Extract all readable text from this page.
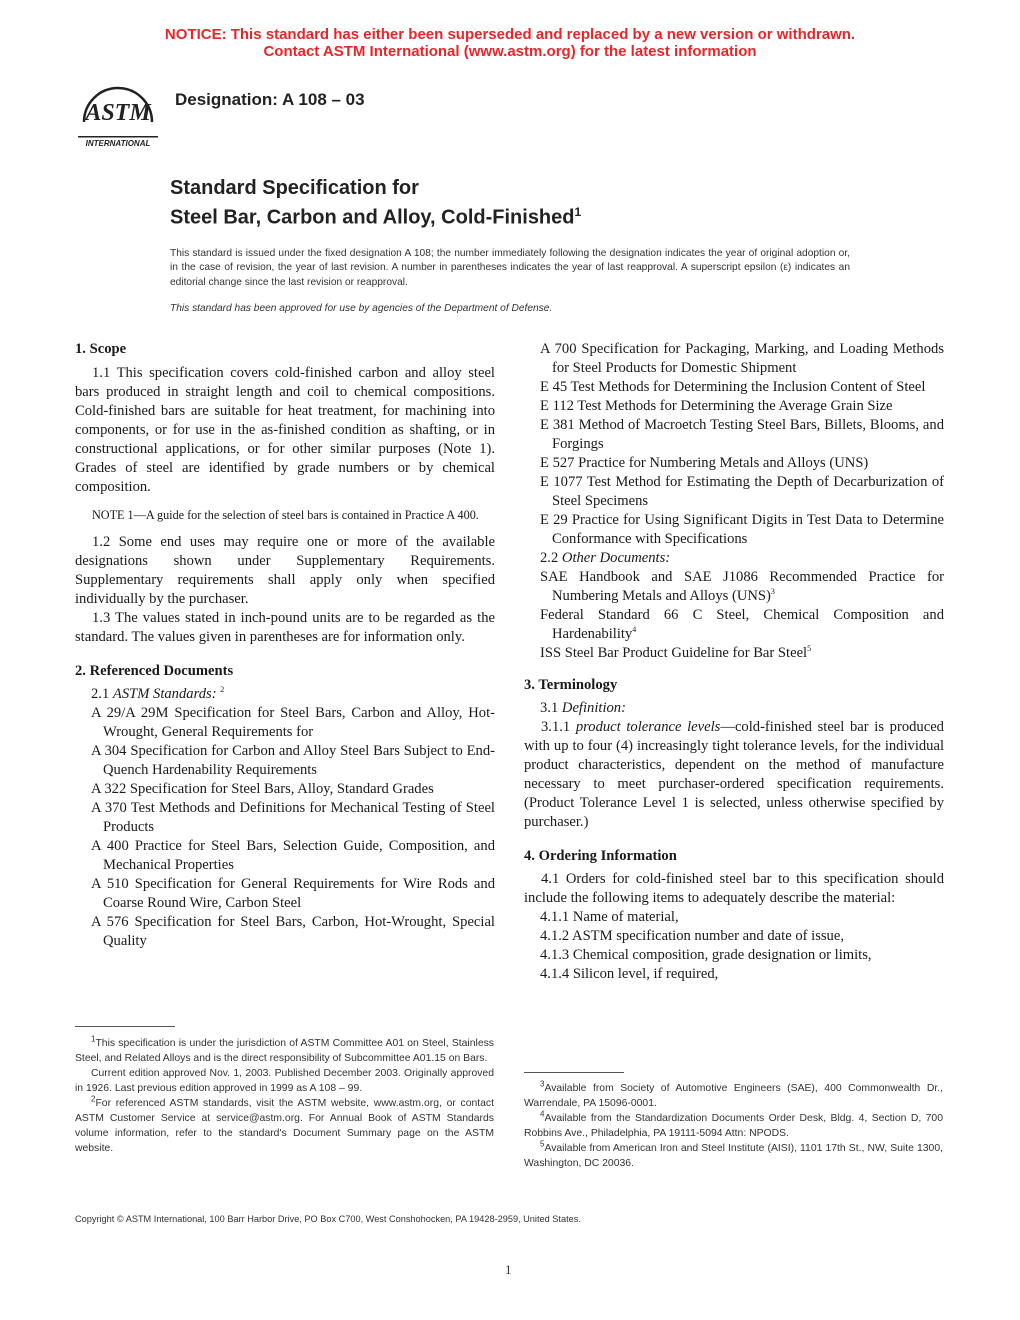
NOTICE: This standard has either been superseded and replaced by a new version or withdrawn.
Contact ASTM International (www.astm.org) for the latest information
ASTM
INTERNATIONAL
Designation: A 108 – 03
Standard Specification for
Steel Bar, Carbon and Alloy, Cold-Finished$^1$
This standard is issued under the fixed designation A 108; the number immediately following the designation indicates the year of original adoption or, in the case of revision, the year of last revision. A number in parentheses indicates the year of last reapproval. A superscript epsilon (ε) indicates an editorial change since the last revision or reapproval.
This standard has been approved for use by agencies of the Department of Defense.

1. Scope

1.1 This specification covers cold-finished carbon and alloy steel bars produced in straight length and coil to chemical compositions. Cold-finished bars are suitable for heat treatment, for machining into components, or for use in the as-finished condition as shafting, or in constructional applications, or for other similar purposes (Note 1). Grades of steel are identified by grade numbers or by chemical composition.

NOTE 1—A guide for the selection of steel bars is contained in Practice A 400.

1.2 Some end uses may require one or more of the available designations shown under Supplementary Requirements. Supplementary requirements shall apply only when specified individually by the purchaser.

1.3 The values stated in inch-pound units are to be regarded as the standard. The values given in parentheses are for information only.

2. Referenced Documents

2.1 ASTM Standards: $^2$

A 29/A 29M Specification for Steel Bars, Carbon and Alloy, Hot-Wrought, General Requirements for

A 304 Specification for Carbon and Alloy Steel Bars Subject to End-Quench Hardenability Requirements

A 322 Specification for Steel Bars, Alloy, Standard Grades

A 370 Test Methods and Definitions for Mechanical Testing of Steel Products

A 400 Practice for Steel Bars, Selection Guide, Composition, and Mechanical Properties

A 510 Specification for General Requirements for Wire Rods and Coarse Round Wire, Carbon Steel

A 576 Specification for Steel Bars, Carbon, Hot-Wrought, Special Quality

A 700 Specification for Packaging, Marking, and Loading Methods for Steel Products for Domestic Shipment

E 45 Test Methods for Determining the Inclusion Content of Steel

E 112 Test Methods for Determining the Average Grain Size

E 381 Method of Macroetch Testing Steel Bars, Billets, Blooms, and Forgings

E 527 Practice for Numbering Metals and Alloys (UNS)

E 1077 Test Method for Estimating the Depth of Decarburization of Steel Specimens

E 29 Practice for Using Significant Digits in Test Data to Determine Conformance with Specifications

2.2 Other Documents:

SAE Handbook and SAE J1086 Recommended Practice for Numbering Metals and Alloys (UNS)$^3$

Federal Standard 66 C Steel, Chemical Composition and Hardenability$^4$

ISS Steel Bar Product Guideline for Bar Steel$^5$

3. Terminology

3.1 Definition:

3.1.1 product tolerance levels—cold-finished steel bar is produced with up to four (4) increasingly tight tolerance levels, for the individual product characteristics, dependent on the method of manufacture necessary to meet purchaser-ordered specification requirements. (Product Tolerance Level 1 is selected, unless otherwise specified by purchaser.)

4. Ordering Information

4.1 Orders for cold-finished steel bar to this specification should include the following items to adequately describe the material:

4.1.1 Name of material,

4.1.2 ASTM specification number and date of issue,

4.1.3 Chemical composition, grade designation or limits,

4.1.4 Silicon level, if required,

$^1$This specification is under the jurisdiction of ASTM Committee A01 on Steel, Stainless Steel, and Related Alloys and is the direct responsibility of Subcommittee A01.15 on Bars.

Current edition approved Nov. 1, 2003. Published December 2003. Originally approved in 1926. Last previous edition approved in 1999 as A 108 – 99.

$^2$For referenced ASTM standards, visit the ASTM website, www.astm.org, or contact ASTM Customer Service at service@astm.org. For Annual Book of ASTM Standards volume information, refer to the standard's Document Summary page on the ASTM website.

$^3$Available from Society of Automotive Engineers (SAE), 400 Commonwealth Dr., Warrendale, PA 15096-0001.

$^4$Available from the Standardization Documents Order Desk, Bldg. 4, Section D, 700 Robbins Ave., Philadelphia, PA 19111-5094 Attn: NPODS.

$^5$Available from American Iron and Steel Institute (AISI), 1101 17th St., NW, Suite 1300, Washington, DC 20036.

Copyright © ASTM International, 100 Barr Harbor Drive, PO Box C700, West Conshohocken, PA 19428-2959, United States.
1
